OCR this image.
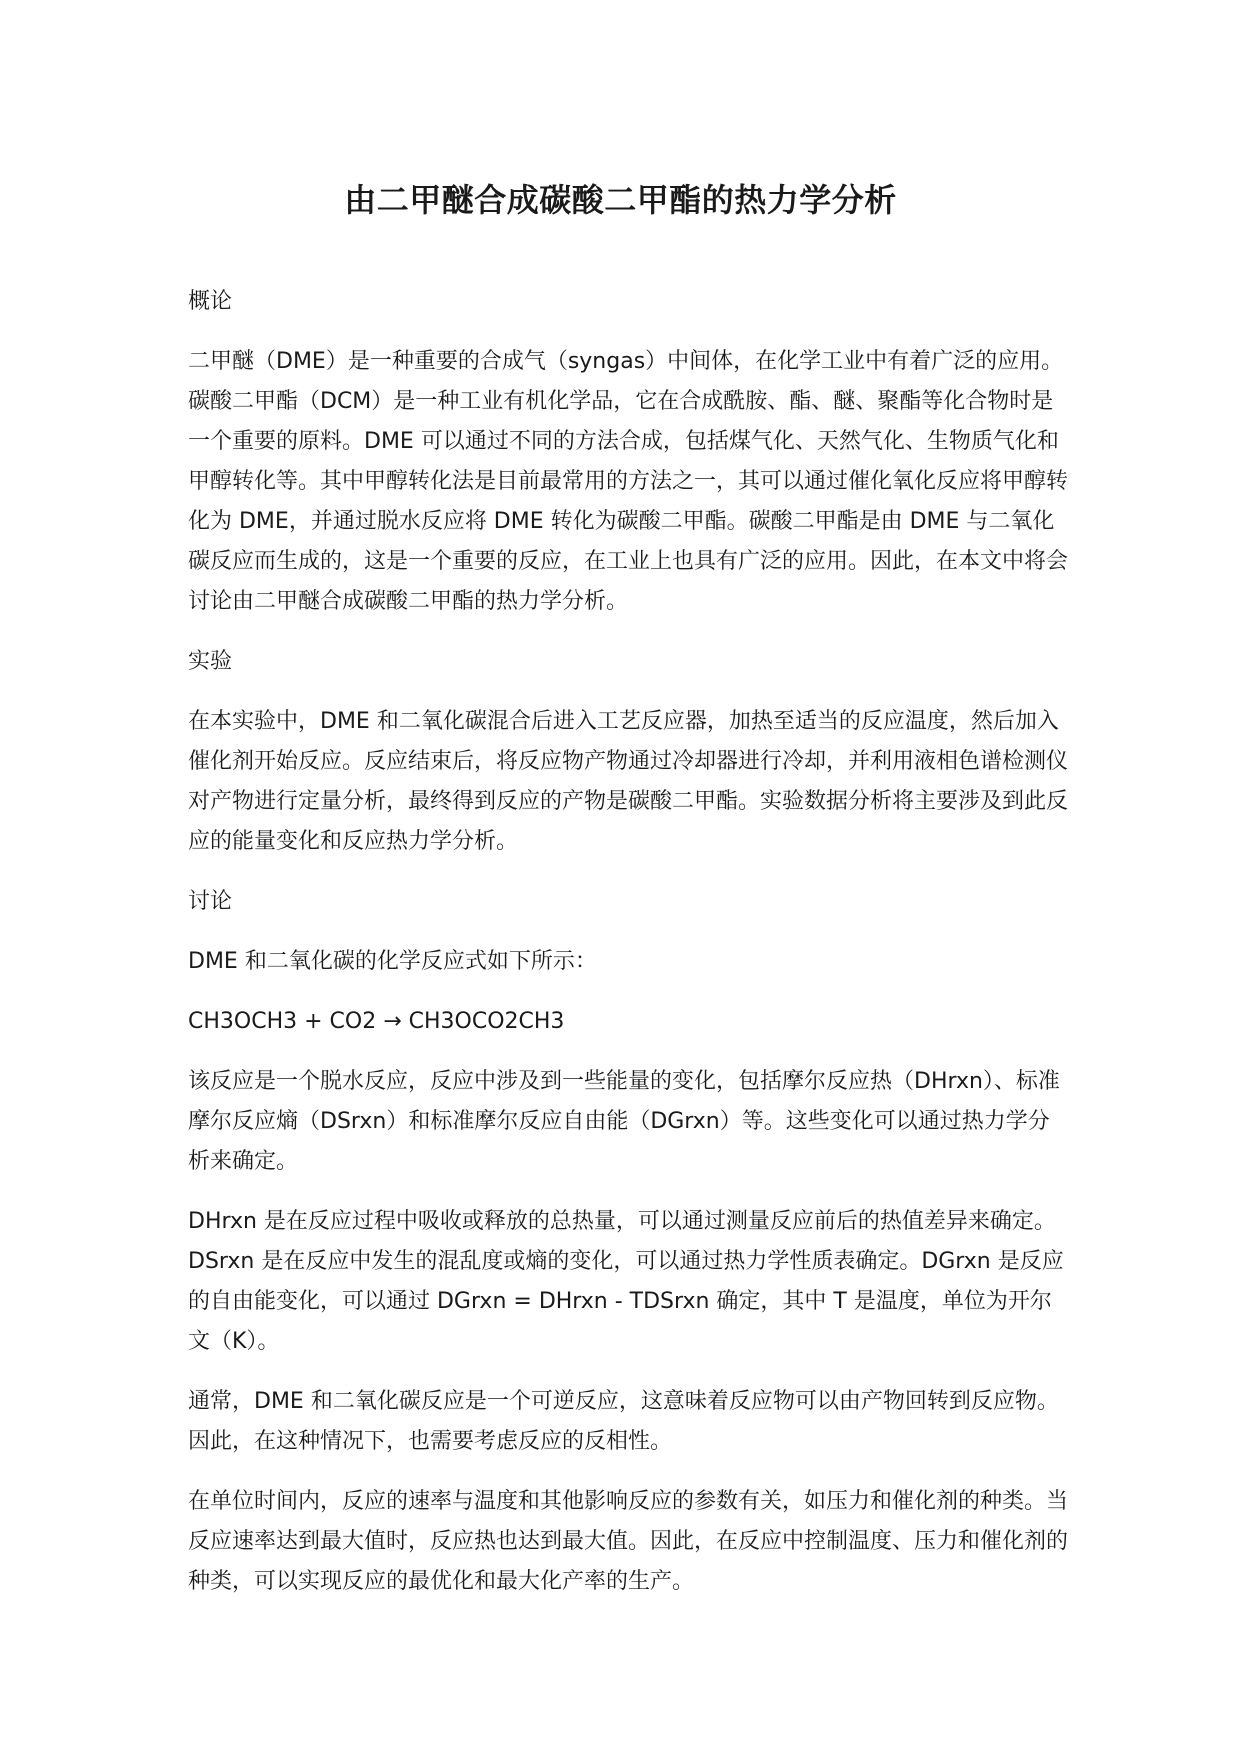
由二甲醚合成碳酸二甲酯的热力学分析

概论

二甲醚（DME）是一种重要的合成气（syngas）中间体，在化学工业中有着广泛的应用。碳酸二甲酯（DCM）是一种工业有机化学品，它在合成酰胺、酯、醚、聚酯等化合物时是一个重要的原料。DME 可以通过不同的方法合成，包括煤气化、天然气化、生物质气化和甲醇转化等。其中甲醇转化法是目前最常用的方法之一，其可以通过催化氧化反应将甲醇转化为 DME，并通过脱水反应将 DME 转化为碳酸二甲酯。碳酸二甲酯是由 DME 与二氧化碳反应而生成的，这是一个重要的反应，在工业上也具有广泛的应用。因此，在本文中将会讨论由二甲醚合成碳酸二甲酯的热力学分析。

实验

在本实验中，DME 和二氧化碳混合后进入工艺反应器，加热至适当的反应温度，然后加入催化剂开始反应。反应结束后，将反应物产物通过冷却器进行冷却，并利用液相色谱检测仪对产物进行定量分析，最终得到反应的产物是碳酸二甲酯。实验数据分析将主要涉及到此反应的能量变化和反应热力学分析。

讨论

DME 和二氧化碳的化学反应式如下所示：

CH3OCH3 + CO2 → CH3OCO2CH3

该反应是一个脱水反应，反应中涉及到一些能量的变化，包括摩尔反应热（DHrxn）、标准摩尔反应熵（DSrxn）和标准摩尔反应自由能（DGrxn）等。这些变化可以通过热力学分析来确定。

DHrxn 是在反应过程中吸收或释放的总热量，可以通过测量反应前后的热值差异来确定。DSrxn 是在反应中发生的混乱度或熵的变化，可以通过热力学性质表确定。DGrxn 是反应的自由能变化，可以通过 DGrxn = DHrxn - TDSrxn 确定，其中 T 是温度，单位为开尔文（K）。

通常，DME 和二氧化碳反应是一个可逆反应，这意味着反应物可以由产物回转到反应物。因此，在这种情况下，也需要考虑反应的反相性。

在单位时间内，反应的速率与温度和其他影响反应的参数有关，如压力和催化剂的种类。当反应速率达到最大值时，反应热也达到最大值。因此，在反应中控制温度、压力和催化剂的种类，可以实现反应的最优化和最大化产率的生产。
